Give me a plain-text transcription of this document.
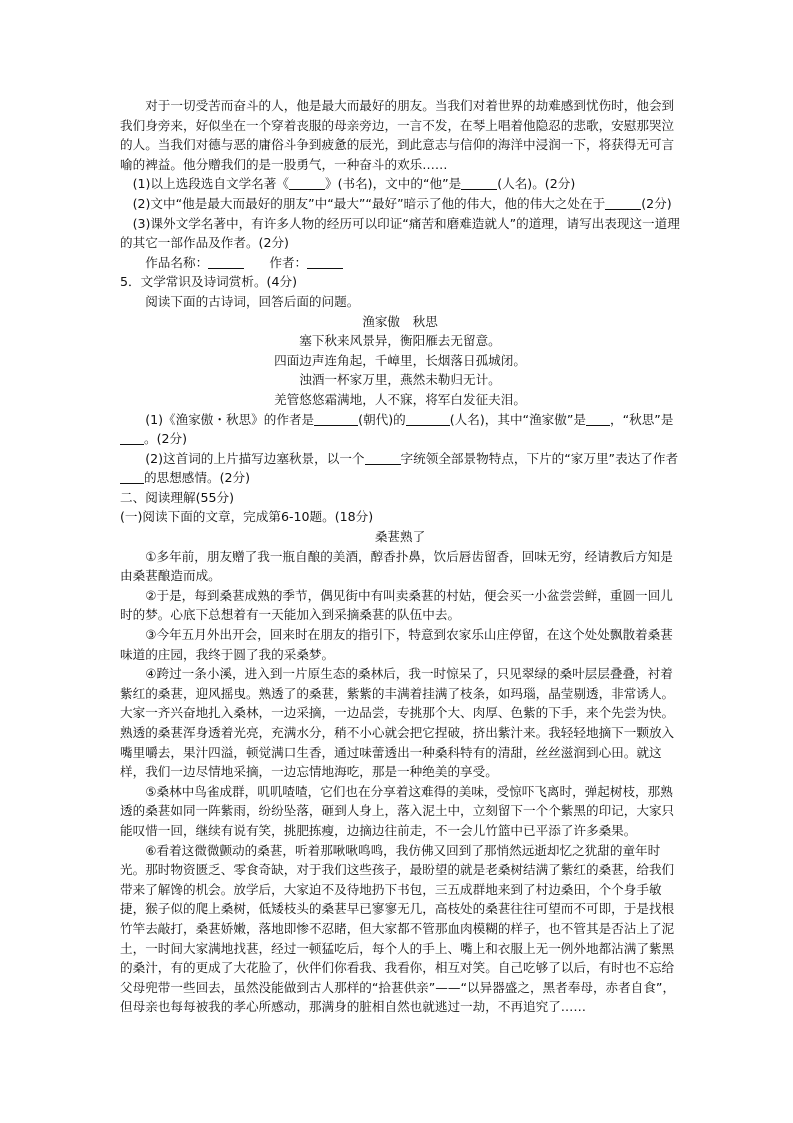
对于一切受苦而奋斗的人，他是最大而最好的朋友。当我们对着世界的劫难感到忧伤时，他会到我们身旁来，好似坐在一个穿着丧服的母亲旁边，一言不发，在琴上唱着他隐忍的悲歌，安慰那哭泣的人。当我们对德与恶的庸俗斗争到疲惫的辰光，到此意志与信仰的海洋中浸润一下，将获得无可言喻的裨益。他分赠我们的是一股勇气，一种奋斗的欢乐……

(1)以上选段选自文学名著《	》(书名)，文中的“他”是	(人名)。(2分)

(2)文中“他是最大而最好的朋友”中“最大”“最好”暗示了他的伟大，他的伟大之处在于	(2分)

(3)课外文学名著中，有许多人物的经历可以印证“痛苦和磨难造就人”的道理，请写出表现这一道理的其它一部作品及作者。(2分)

作品名称：　　	作者：

5．文学常识及诗词赏析。(4分)

阅读下面的古诗词，回答后面的问题。

渔家傲　秋思

塞下秋来风景异，衡阳雁去无留意。

四面边声连角起，千嶂里，长烟落日孤城闭。

浊酒一杯家万里，燕然未勒归无计。

羌管悠悠霜满地，人不寐，将军白发征夫泪。

(1)《渔家傲・秋思》的作者是	(朝代)的	(人名)，其中“渔家傲”是 ，“秋思”是。(2分)

(2)这首词的上片描写边塞秋景，以一个	字统领全部景物特点，下片的“家万里”表达了作者的思想感情。(2分)

二、阅读理解(55分)

(一)阅读下面的文章，完成第6-10题。(18分)

桑葚熟了

①多年前，朋友赠了我一瓶自酿的美酒，醇香扑鼻，饮后唇齿留香，回味无穷，经请教后方知是由桑葚酿造而成。

②于是，每到桑葚成熟的季节，偶见街中有叫卖桑葚的村姑，便会买一小盆尝尝鲜，重圆一回儿时的梦。心底下总想着有一天能加入到采摘桑葚的队伍中去。

③今年五月外出开会，回来时在朋友的指引下，特意到农家乐山庄停留，在这个处处飘散着桑葚味道的庄园，我终于圆了我的采桑梦。

④跨过一条小溪，进入到一片原生态的桑林后，我一时惊呆了，只见翠绿的桑叶层层叠叠，衬着紫红的桑葚，迎风摇曳。熟透了的桑葚，紫紫的丰满着挂满了枝条，如玛瑙，晶莹剔透，非常诱人。大家一齐兴奋地扎入桑林，一边采摘，一边品尝，专挑那个大、肉厚、色紫的下手，来个先尝为快。熟透的桑葚浑身透着光亮，充满水分，稍不小心就会把它捏破，挤出紫汁来。我轻轻地摘下一颗放入嘴里嚼去，果汁四溢，顿觉满口生香，通过味蕾透出一种桑科特有的清甜，丝丝滋润到心田。就这样，我们一边尽情地采摘，一边忘情地海吃，那是一种绝美的享受。

⑤桑林中鸟雀成群，叽叽喳喳，它们也在分享着这难得的美味，受惊吓飞离时，弹起树枝，那熟透的桑葚如同一阵紫雨，纷纷坠落，砸到人身上，落入泥土中，立刻留下一个个紫黑的印记，大家只能叹惜一回，继续有说有笑，挑肥拣瘦，边摘边往前走，不一会儿竹篮中已平添了许多桑果。

⑥看着这微微颤动的桑葚，听着那啾啾鸣鸣，我仿佛又回到了那悄然远逝却忆之犹甜的童年时光。那时物资匮乏、零食奇缺，对于我们这些孩子，最盼望的就是老桑树结满了紫红的桑葚，给我们带来了解馋的机会。放学后，大家迫不及待地扔下书包，三五成群地来到了村边桑田，个个身手敏捷，猴子似的爬上桑树，低矮枝头的桑葚早已寥寥无几，高枝处的桑葚往往可望而不可即，于是找根竹竿去敲打，桑葚娇嫩，落地即惨不忍睹，但大家都不管那血肉模糊的样子，也不管其是否沾上了泥土，一时间大家满地找葚，经过一顿猛吃后，每个人的手上、嘴上和衣服上无一例外地都沾满了紫黑的桑汁，有的更成了大花脸了，伙伴们你看我、我看你，相互对笑。自己吃够了以后，有时也不忘给父母兜带一些回去，虽然没能做到古人那样的“拾葚供亲”——“以异器盛之，黑者奉母，赤者自食”，但母亲也每每被我的孝心所感动，那满身的脏相自然也就逃过一劫，不再追究了……
